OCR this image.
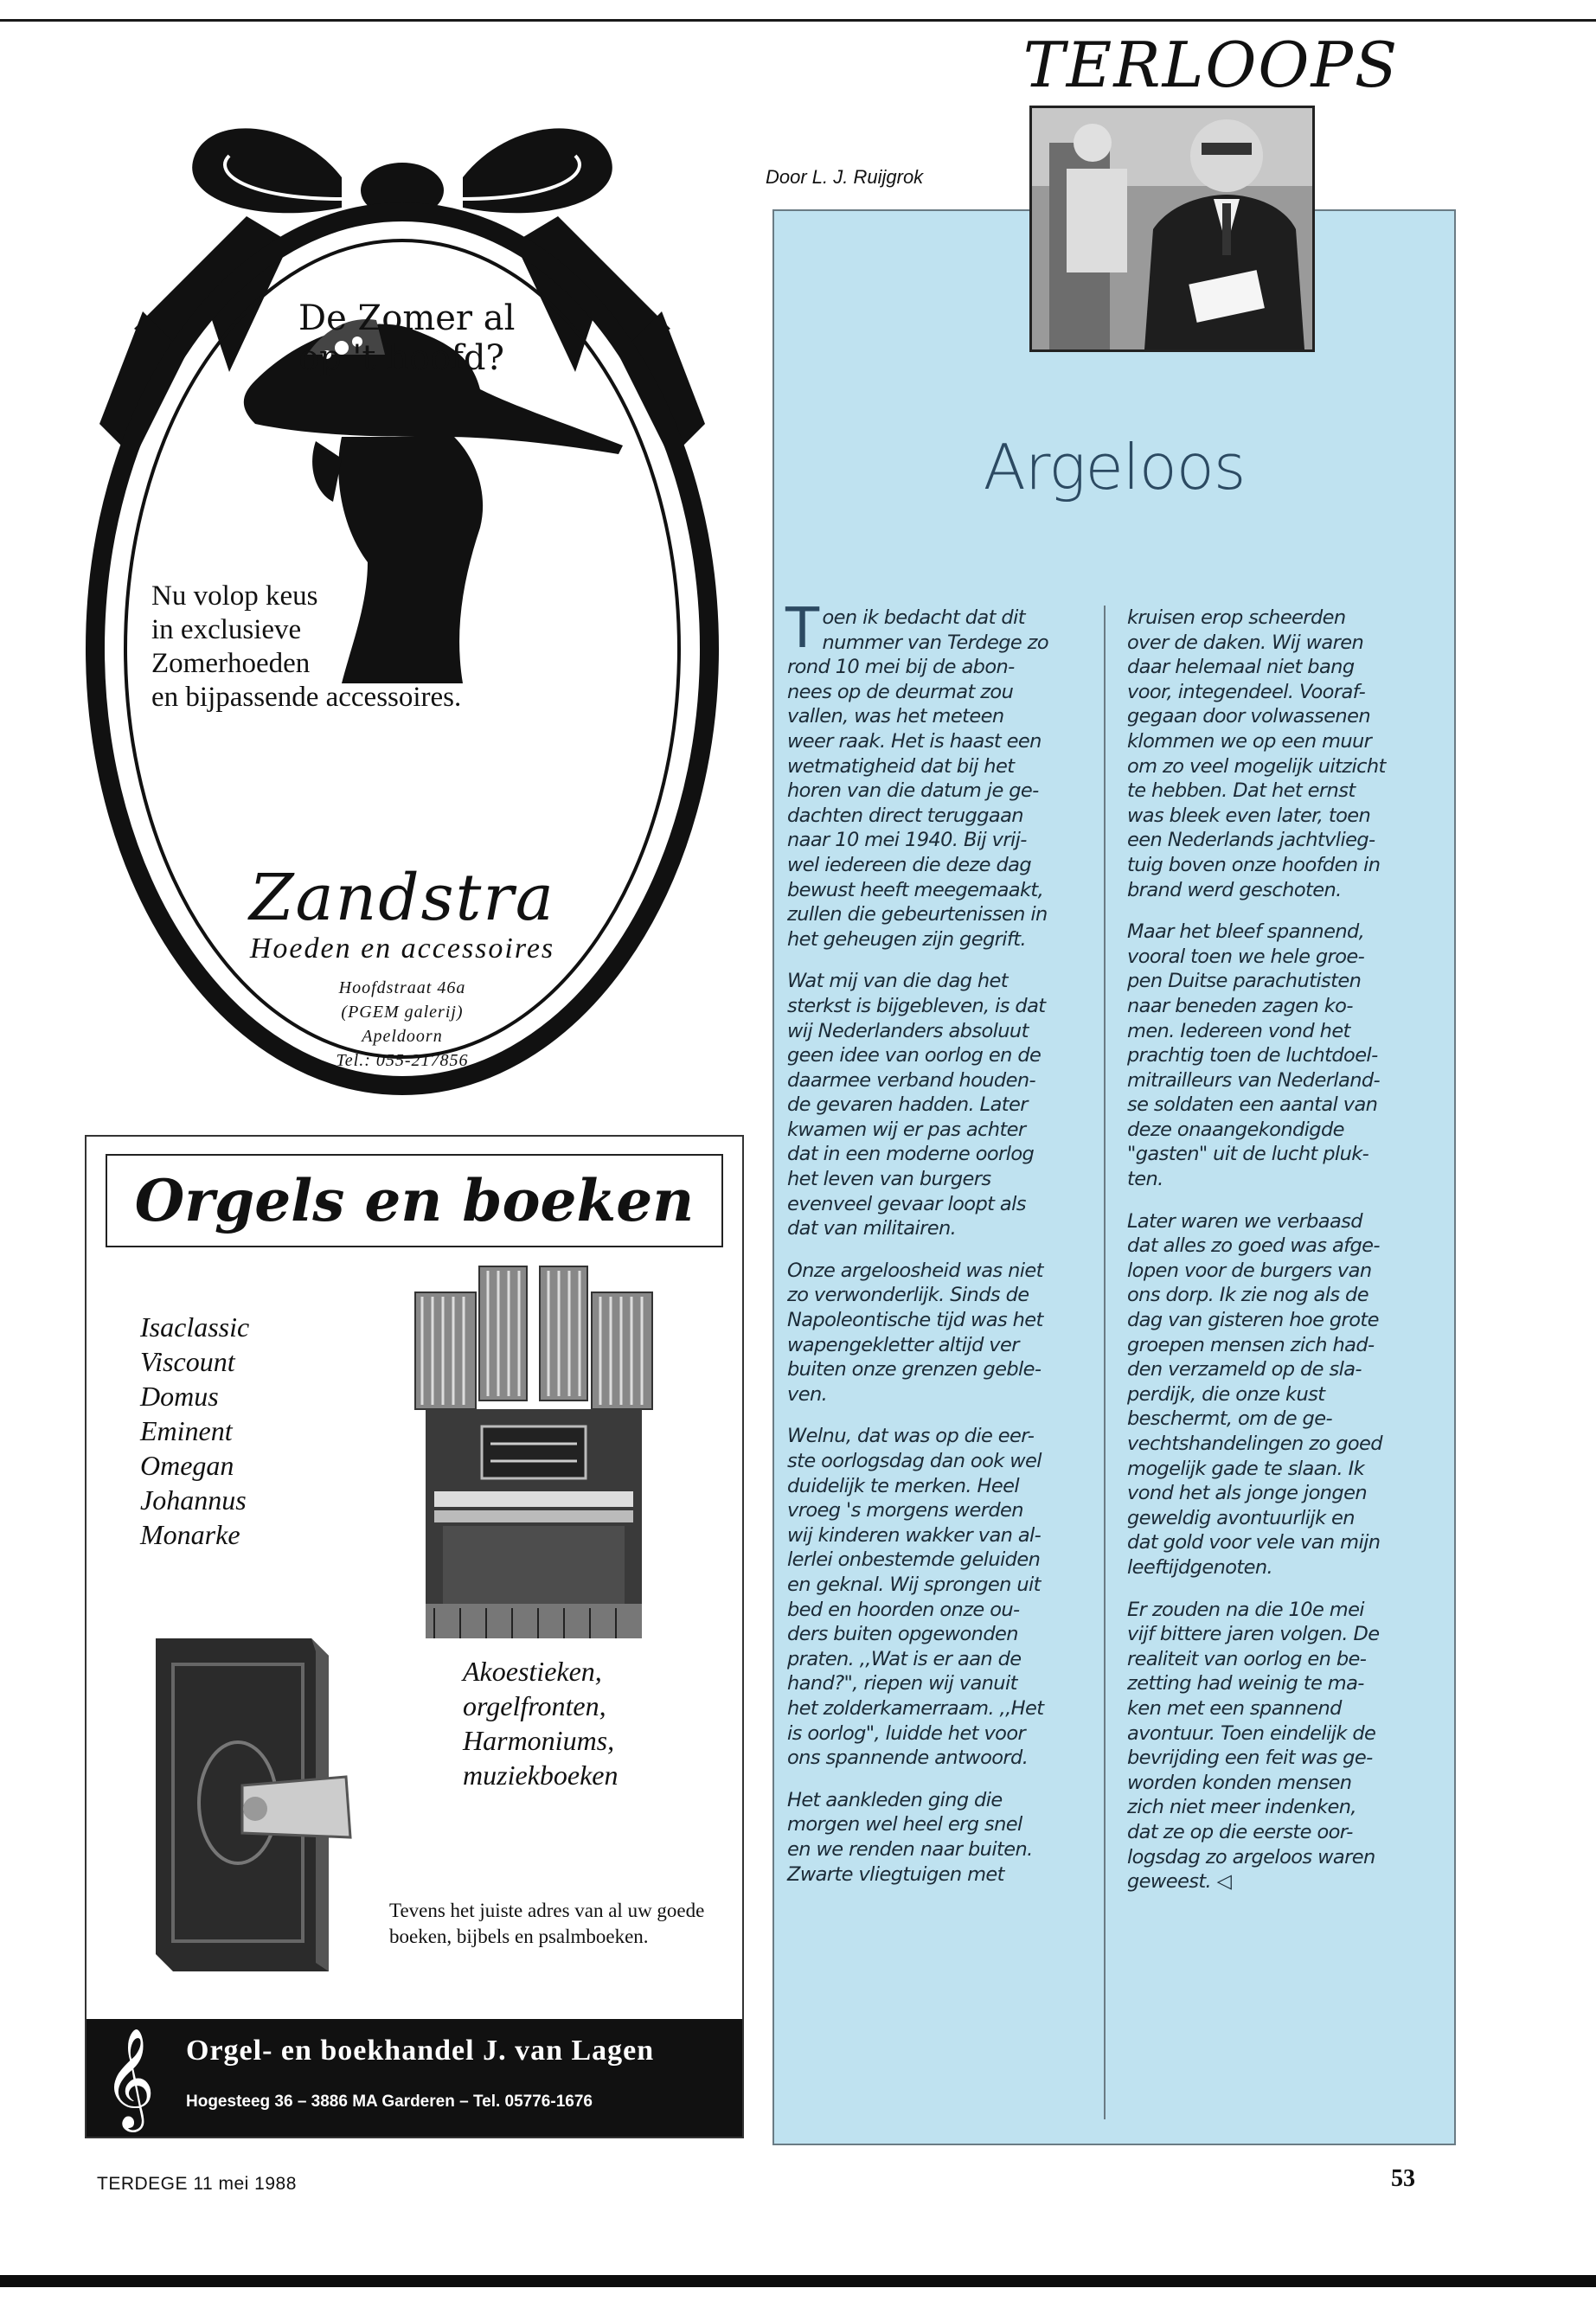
De Zomer al
op 't hoofd?
Nu volop keus
in exclusieve
Zomerhoeden
en bijpassende accessoires.
Zandstra
Hoeden en accessoires
Hoofdstraat 46a
(PGEM galerij)
Apeldoorn
Tel.: 055-217856
Orgels en boeken
Isaclassic
Viscount
Domus
Eminent
Omegan
Johannus
Monarke
Akoestieken,
orgelfronten,
Harmoniums,
muziekboeken
Tevens het juiste adres van al uw goede boeken, bijbels en psalmboeken.
𝄞 Orgel- en boekhandel J. van Lagen
Hogesteeg 36 – 3886 MA Garderen – Tel. 05776-1676
TERLOOPS
Door L. J. Ruijgrok
Argeloos

T oen ik bedacht dat dit
nummer van Terdege zo
rond 10 mei bij de abon-
nees op de deurmat zou
vallen, was het meteen
weer raak. Het is haast een
wetmatigheid dat bij het
horen van die datum je ge-
dachten direct teruggaan
naar 10 mei 1940. Bij vrij-
wel iedereen die deze dag
bewust heeft meegemaakt,
zullen die gebeurtenissen in
het geheugen zijn gegrift.

Wat mij van die dag het
sterkst is bijgebleven, is dat
wij Nederlanders absoluut
geen idee van oorlog en de
daarmee verband houden-
de gevaren hadden. Later
kwamen wij er pas achter
dat in een moderne oorlog
het leven van burgers
evenveel gevaar loopt als
dat van militairen.

Onze argeloosheid was niet
zo verwonderlijk. Sinds de
Napoleontische tijd was het
wapengekletter altijd ver
buiten onze grenzen geble-
ven.

Welnu, dat was op die eer-
ste oorlogsdag dan ook wel
duidelijk te merken. Heel
vroeg 's morgens werden
wij kinderen wakker van al-
lerlei onbestemde geluiden
en geknal. Wij sprongen uit
bed en hoorden onze ou-
ders buiten opgewonden
praten. ,,Wat is er aan de
hand?", riepen wij vanuit
het zolderkamerraam. ,,Het
is oorlog", luidde het voor
ons spannende antwoord.

Het aankleden ging die
morgen wel heel erg snel
en we renden naar buiten.
Zwarte vliegtuigen met

kruisen erop scheerden
over de daken. Wij waren
daar helemaal niet bang
voor, integendeel. Vooraf-
gegaan door volwassenen
klommen we op een muur
om zo veel mogelijk uitzicht
te hebben. Dat het ernst
was bleek even later, toen
een Nederlands jachtvlieg-
tuig boven onze hoofden in
brand werd geschoten.

Maar het bleef spannend,
vooral toen we hele groe-
pen Duitse parachutisten
naar beneden zagen ko-
men. Iedereen vond het
prachtig toen de luchtdoel-
mitrailleurs van Nederland-
se soldaten een aantal van
deze onaangekondigde
"gasten" uit de lucht pluk-
ten.

Later waren we verbaasd
dat alles zo goed was afge-
lopen voor de burgers van
ons dorp. Ik zie nog als de
dag van gisteren hoe grote
groepen mensen zich had-
den verzameld op de sla-
perdijk, die onze kust
beschermt, om de ge-
vechtshandelingen zo goed
mogelijk gade te slaan. Ik
vond het als jonge jongen
geweldig avontuurlijk en
dat gold voor vele van mijn
leeftijdgenoten.

Er zouden na die 10e mei
vijf bittere jaren volgen. De
realiteit van oorlog en be-
zetting had weinig te ma-
ken met een spannend
avontuur. Toen eindelijk de
bevrijding een feit was ge-
worden konden mensen
zich niet meer indenken,
dat ze op die eerste oor-
logsdag zo argeloos waren
geweest. ◁

TERDEGE 11 mei 1988	53
